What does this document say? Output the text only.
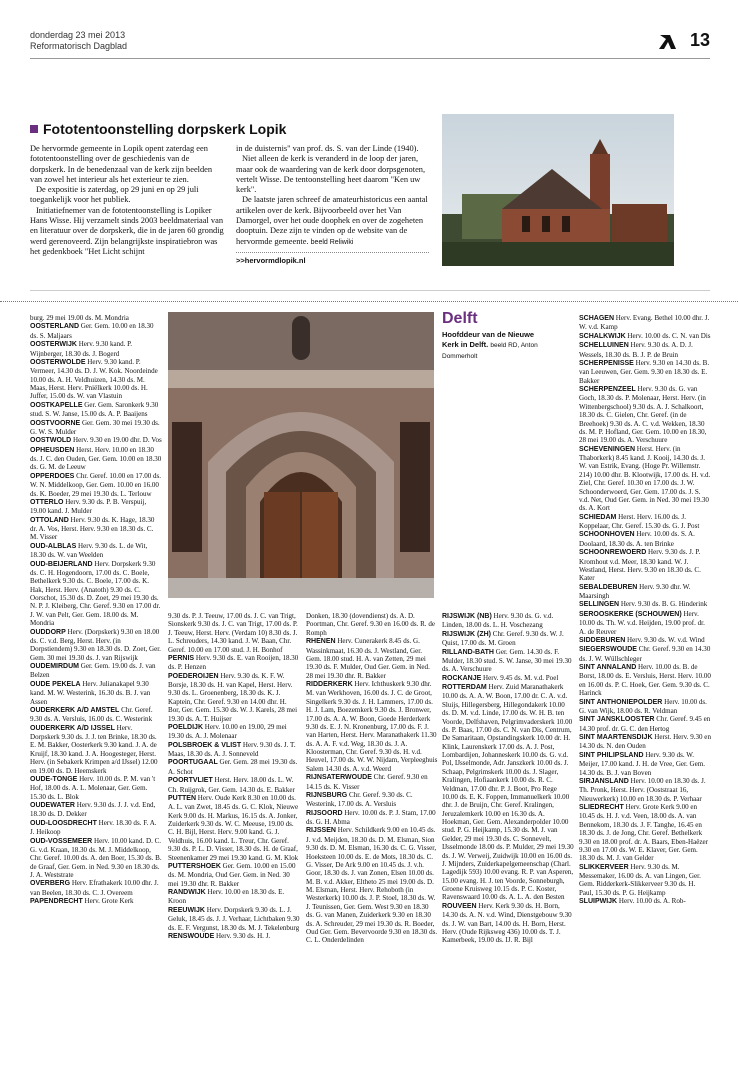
donderdag 23 mei 2013
Reformatorisch Dagblad	13
Fototentoonstelling dorpskerk Lopik

De hervormde gemeente in Lopik opent zaterdag een fototentoonstelling over de geschiedenis van de dorpskerk. In de benedenzaal van de kerk zijn beelden van zowel het interieur als het exterieur te zien.

De expositie is zaterdag, op 29 juni en op 29 juli toegankelijk voor het publiek.

Initiatiefnemer van de fototentoonstelling is Lopiker Hans Wisse. Hij verzamelt sinds 2003 beeldmateriaal van en literatuur over de dorpskerk, die in de jaren 60 grondig werd gerenoveerd. Zijn belangrijkste inspiratiebron was het gedenkboek "Het Licht schijnt

in de duisternis" van prof. ds. S. van der Linde (1940).

Niet alleen de kerk is veranderd in de loop der jaren, maar ook de waardering van de kerk door dorpsgenoten, vertelt Wisse. De tentoonstelling heet daarom "Ken uw kerk".

De laatste jaren schreef de amateurhistoricus een aantal artikelen over de kerk. Bijvoorbeeld over het Van Damorgel, over het oude doophek en over de zogeheten dooptuin. Deze zijn te vinden op de website van de hervormde gemeente. beeld Reliwiki

>>hervormdlopik.nl
Delft
Hoofddeur van de Nieuwe Kerk in Delft. beeld RD, Anton Dommerholt
burg. 29 mei 19.00 ds. M. Mondria
OOSTERLAND Ger. Gem. 10.00 en 18.30 ds. S. Maljaars
OOSTERWIJK Herv. 9.30 kand. P. Wijnberger, 18.30 ds. J. Bogerd
OOSTERWOLDE Herv. 9.30 kand. P. Vermeer, 14.30 ds. D. J. W. Kok. Noordeinde 10.00 ds. A. H. Veldhuizen, 14.30 ds. M. Maas, Herst. Herv. Pniëlkerk 10.00 ds. H. Juffer, 15.00 ds. W. van Vlastuin
OOSTKAPELLE Ger. Gem. Saronkerk 9.30 stud. S. W. Janse, 15.00 ds. A. P. Baaijens
OOSTVOORNE Ger. Gem. 30 mei 19.30 ds. G. W. S. Mulder
OOSTWOLD Herv. 9.30 en 19.00 dhr. D. Vos
OPHEUSDEN Herst. Herv. 10.00 en 18.30 ds. J. C. den Ouden, Ger. Gem. 10.00 en 18.30 ds. G. M. de Leeuw
OPPERDOES Chr. Geref. 10.00 en 17.00 ds. W. N. Middelkoop, Ger. Gem. 10.00 en 16.00 ds. K. Boeder, 29 mei 19.30 ds. L. Terlouw
OTTERLO Herv. 9.30 ds. P. B. Verspuij, 19.00 kand. J. Mulder
OTTOLAND Herv. 9.30 ds. K. Hage, 18.30 dr. A. Vos, Herst. Herv. 9.30 en 18.30 ds. C. M. Visser
OUD-ALBLAS Herv. 9.30 ds. L. de Wit, 18.30 ds. W. van Weelden
OUD-BEIJERLAND Herv. Dorpskerk 9.30 ds. C. H. Hogendoorn, 17.00 ds. C. Boele, Bethelkerk 9.30 ds. C. Boele, 17.00 ds. K. Hak, Herst. Herv. (Anatoth) 9.30 ds. C. Oorschot, 15.30 ds. D. Zoet, 29 mei 19.30 ds. N. P. J. Kleiberg, Chr. Geref. 9.30 en 17.00 dr. J. W. van Pelt, Ger. Gem. 18.00 ds. M. Mondria
OUDDORP Herv. (Dorpskerk) 9.30 en 18.00 ds. C. v.d. Berg, Herst. Herv. (in Dorpstiendem) 9.30 en 18.30 ds. D. Zoet, Ger. Gem. 30 mei 19.30 ds. J. van Rijswijk
OUDEMIRDUM Ger. Gem. 19.00 ds. J. van Belzen
OUDE PEKELA Herv. Julianakapel 9.30 kand. M. W. Westerink, 16.30 ds. B. J. van Assen
OUDERKERK A/D AMSTEL Chr. Geref. 9.30 ds. A. Versluis, 16.00 ds. C. Westerink
OUDERKERK A/D IJSSEL Herv. Dorpskerk 9.30 ds. J. J. ten Brinke, 18.30 ds. E. M. Bakker, Oosterkerk 9.30 kand. J. A. de Kruijf, 18.30 kand. J. A. Hoogesteger, Herst. Herv. (in Sebakerk Krimpen a/d IJssel) 12.00 en 19.00 ds. D. Heemskerk
OUDE-TONGE Herv. 10.00 ds. P. M. van 't Hof, 18.00 ds. A. L. Molenaar, Ger. Gem. 15.30 ds. L. Blok
OUDEWATER Herv. 9.30 ds. J. J. v.d. End, 18.30 ds. D. Dekker
OUD-LOOSDRECHT Herv. 18.30 ds. F. A. J. Heikoop
OUD-VOSSEMEER Herv. 10.00 kand. D. C. G. v.d. Kraan, 18.30 ds. M. J. Middelkoop, Chr. Geref. 10.00 ds. A. den Boer, 15.30 ds. B. de Graaf, Ger. Gem. in Ned. 9.30 en 18.30 ds. J. A. Weststrate
OVERBERG Herv. Efrathakerk 10.00 dhr. J. van Beelen, 18.30 ds. C. J. Overeem
PAPENDRECHT Herv. Grote Kerk
9.30 ds. P. J. Teeuw, 17.00 ds. J. C. van Trigt, Sionskerk 9.30 ds. J. C. van Trigt, 17.00 ds. P. J. Teeuw, Herst. Herv. (Verdam 10) 8.30 ds. J. L. Schreuders, 14.30 kand. J. W. Baan, Chr. Geref. 10.00 en 17.00 stud. J. H. Bonhof
PERNIS Herv. 9.30 ds. E. van Rooijen, 18.30 ds. P. Henzen
POEDEROIJEN Herv. 9.30 ds. K. F. W. Borsje, 18.30 ds. H. van Kapel, Herst. Herv. 9.30 ds. L. Groenenberg, 18.30 ds. K. J. Kaptein, Chr. Geref. 9.30 en 14.00 dhr. H. Bor, Ger. Gem. 15.30 ds. W. J. Karels, 28 mei 19.30 ds. A. T. Huijser
POELDIJK Herv. 10.00 en 19.00, 29 mei 19.30 ds. A. J. Molenaar
POLSBROEK & VLIST Herv. 9.30 ds. J. T. Maas, 18.30 ds. A. J. Sonneveld
POORTUGAAL Ger. Gem. 28 mei 19.30 ds. A. Schot
POORTVLIET Herst. Herv. 18.00 ds. L. W. Ch. Ruijgrok, Ger. Gem. 14.30 ds. E. Bakker
PUTTEN Herv. Oude Kerk 8.30 en 10.00 ds. A. L. van Zwet, 18.45 ds. G. C. Klok, Nieuwe Kerk 9.00 ds. H. Markus, 16.15 ds. A. Jonker, Zuiderkerk 9.30 ds. W. C. Meeuse, 19.00 ds. C. H. Bijl, Herst. Herv. 9.00 kand. G. J. Veldhuis, 16.00 kand. L. Treur, Chr. Geref. 9.30 ds. P. L. D. Visser, 18.30 ds. H. de Graaf, Steenenkamer 29 mei 19.30 kand. G. M. Klok
PUTTERSHOEK Ger. Gem. 10.00 en 15.00 ds. M. Mondria, Oud Ger. Gem. in Ned. 30 mei 19.30 dhr. R. Bakker
RANDWIJK Herv. 10.00 en 18.30 ds. E. Kroon
REEUWIJK Herv. Dorpskerk 9.30 ds. L. J. Geluk, 18.45 ds. J. J. Verhaar, Lichtbaken 9.30 ds. E. F. Vergunst, 18.30 ds. M. J. Tekelenburg
RENSWOUDE Herv. 9.30 ds. H. J.
Donken, 18.30 (dovendienst) ds. A. D. Poortman, Chr. Geref. 9.30 en 16.00 ds. R. de Romph
RHENEN Herv. Cunerakerk 8.45 ds. G. Wassinkmaat, 16.30 ds. J. Westland, Ger. Gem. 18.00 stud. H. A. van Zetten, 29 mei 19.30 ds. F. Mulder, Oud Ger. Gem. in Ned. 28 mei 19.30 dhr. R. Bakker
RIDDERKERK Herv. Ichthuskerk 9.30 dhr. M. van Werkhoven, 16.00 ds. J. C. de Groot, Singelkerk 9.30 ds. J. H. Lammers, 17.00 ds. H. J. Lam, Boezemkerk 9.30 ds. J. Bronwer, 17.00 ds. A. A. W. Boon, Goede Herderkerk 9.30 ds. E. J. N. Kronenburg, 17.00 ds. F. J. van Harten, Herst. Herv. Maranathakerk 11.30 ds. A. A. F. v.d. Weg, 18.30 ds. J. A. Kloosterman, Chr. Geref. 9.30 ds. H. v.d. Heuvel, 17.00 ds. W. W. Nijdam, Verpleeghuis Salem 14.30 ds. A. v.d. Weerd
RIJNSATERWOUDE Chr. Geref. 9.30 en 14.15 ds. K. Visser
RIJNSBURG Chr. Geref. 9.30 ds. C. Westerink, 17.00 ds. A. Versluis
RIJSOORD Herv. 10.00 ds. P. J. Stam, 17.00 ds. G. H. Abma
RIJSSEN Herv. Schildkerk 9.00 en 10.45 ds. J. v.d. Meijden, 18.30 ds. D. M. Elsman, Sion 9.30 ds. D. M. Elsman, 16.30 ds. C. G. Visser, Hoeksteen 10.00 ds. E. de Mots, 18.30 ds. C. G. Visser, De Ark 9.00 en 10.45 ds. J. v.h. Goor, 18.30 ds. J. van Zonen, Elsen 10.00 ds. M. B. v.d. Akker, Eltheto 25 mei 19.00 ds. D. M. Elsman, Herst. Herv. Rehoboth (in Westerkerk) 10.00 ds. J. P. Stoel, 18.30 ds. W. J. Teunissen, Ger. Gem. West 9.30 en 18.30 ds. G. van Manen, Zuiderkerk 9.30 en 18.30 ds. A. Schreuder, 29 mei 19.30 ds. R. Boeder, Oud Ger. Gem. Bevervoorde 9.30 en 18.30 ds. C. L. Onderdelinden
RIJSWIJK (NB) Herv. 9.30 ds. G. v.d. Linden, 18.00 ds. L. H. Voschezang
RIJSWIJK (ZH) Chr. Geref. 9.30 ds. W. J. Quist, 17.00 ds. M. Groen
RILLAND-BATH Ger. Gem. 14.30 ds. F. Mulder, 18.30 stud. S. W. Janse, 30 mei 19.30 ds. A. Verschuure
ROCKANJE Herv. 9.45 ds. M. v.d. Poel
ROTTERDAM Herv. Zuid Maranathakerk 10.00 ds. A. A. W. Boon, 17.00 dr. C. A. v.d. Sluijs, Hillegersberg, Hillegondakerk 10.00 ds. D. M. v.d. Linde, 17.00 ds. W. H. B. ten Voorde, Delfshaven, Pelgrimvaderskerk 10.00 ds. P. Baas, 17.00 ds. C. N. van Dis, Centrum, De Samaritaan, Opstandingskerk 10.00 dr. H. Klink, Laurenskerk 17.00 ds. A. J. Post, Lombardijen, Johanneskerk 10.00 ds. G. v.d. Pol, IJsselmonde, Adr. Janszkerk 10.00 ds. J. Schaap, Pelgrimskerk 10.00 ds. J. Slager, Kralingen, Hofiaankerk 10.00 ds. R. C. Veldman, 17.00 dhr. P. J. Boot, Pro Rege 10.00 ds. E. K. Foppen, Immanuelkerk 10.00 dhr. J. de Bruijn, Chr. Geref. Kralingen, Jeruzalemkerk 10.00 en 16.30 ds. A. Hoekman, Ger. Gem. Alexanderpolder 10.00 stud. P. G. Heijkamp, 15.30 ds. M. J. van Gelder, 29 mei 19.30 ds. C. Sonnevelt, IJsselmonde 18.00 ds. P. Mulder, 29 mei 19.30 ds. J. W. Verweij, Zuidwijk 10.00 en 16.00 ds. J. Mijnders, Zuiderkapelgemeenschap (Charl. Lagedijk 593) 10.00 evang. R. P. van Asperen, 15.00 evang. H. J. ten Voorde, Sonneburgh, Groene Kruisweg 10.15 ds. P. C. Koster, Ravenswaard 10.00 ds. A. L. A. den Besten
ROUVEEN Herv. Kerk 9.30 ds. H. Born, 14.30 ds. A. N. v.d. Wind, Dienstgebouw 9.30 ds. J. W. van Bart, 14.00 ds. H. Born, Herst. Herv. (Oude Rijksweg 436) 10.00 ds. T. J. Kamerbeek, 19.00 ds. IJ. R. Bijl
SCHAGEN Herv. Evang. Bethel 10.00 dhr. J. W. v.d. Kamp
SCHALKWIJK Herv. 10.00 ds. C. N. van Dis
SCHELLUINEN Herv. 9.30 ds. A. D. J. Wessels, 18.30 ds. B. J. P. de Bruin
SCHERPENISSE Herv. 9.30 en 14.30 ds. B. van Leeuwen, Ger. Gem. 9.30 en 18.30 ds. E. Bakker
SCHERPENZEEL Herv. 9.30 ds. G. van Goch, 18.30 ds. P. Molenaar, Herst. Herv. (in Wittenbergschool) 9.30 ds. A. J. Schalkoort, 18.30 ds. C. Gielen, Chr. Geref. (in de Breehoek) 9.30 ds. A. C. v.d. Wekken, 18.30 ds. M. P. Hofland, Ger. Gem. 10.00 en 18.30, 28 mei 19.00 ds. A. Verschuure
SCHEVENINGEN Herst. Herv. (in Thaborkerk) 8.45 kand. J. Kooij, 14.30 ds. J. W. van Estrik, Evang. (Hoge Pr. Willemstr. 214) 10.00 dhr. B. Klootwijk, 17.00 ds. H. v.d. Ziel, Chr. Geref. 10.30 en 17.00 ds. J. W. Schoonderwoerd, Ger. Gem. 17.00 ds. J. S. v.d. Net, Oud Ger. Gem. in Ned. 30 mei 19.30 ds. A. Kort
SCHIEDAM Herst. Herv. 16.00 ds. J. Koppelaar, Chr. Geref. 15.30 ds. G. J. Post
SCHOONHOVEN Herv. 10.00 ds. S. A. Doolaard, 18.30 ds. A. ten Brinke
SCHOONREWOERD Herv. 9.30 ds. J. P. Kromhout v.d. Meer, 18.30 kand. W. J. Westland, Herst. Herv. 9.30 en 18.30 ds. C. Kater
SEBALDEBUREN Herv. 9.30 dhr. W. Maarsingh
SELLINGEN Herv. 9.30 ds. B. G. Hinderink
SEROOSKERKE (SCHOUWEN) Herv. 10.00 ds. Th. W. v.d. Heijden, 19.00 prof. dr. A. de Reuver
SIDDEBUREN Herv. 9.30 ds. W. v.d. Wind
SIEGERSWOUDE Chr. Geref. 9.30 en 14.30 ds. J. W. Wüllschleger
SINT ANNALAND Herv. 10.00 ds. B. de Borst, 18.00 ds. E. Versluis, Herst. Herv. 10.00 en 16.00 ds. P. C. Hoek, Ger. Gem. 9.30 ds. C. Harinck
SINT ANTHONIEPOLDER Herv. 10.00 ds. G. van Wijk, 18.00 ds. R. Veldman
SINT JANSKLOOSTER Chr. Geref. 9.45 en 14.30 prof. dr. G. C. den Hertog
SINT MAARTENSDIJK Herst. Herv. 9.30 en 14.30 ds. N. den Ouden
SINT PHILIPSLAND Herv. 9.30 ds. W. Meijer, 17.00 kand. J. H. de Vree, Ger. Gem. 14.30 ds. B. J. van Boven
SIRJANSLAND Herv. 10.00 en 18.30 ds. J. Th. Pronk, Herst. Herv. (Ooststraat 16, Nieuwerkerk) 10.00 en 18.30 ds. P. Verhaar
SLIEDRECHT Herv. Grote Kerk 9.00 en 10.45 ds. H. J. v.d. Veen, 18.00 ds. A. van Bennekom, 18.30 ds. J. F. Tanghe, 16.45 en 18.30 ds. J. de Jong, Chr. Geref. Bethelkerk 9.30 en 18.00 prof. dr. A. Baars, Eben-Haëzer 9.30 en 17.00 ds. W. E. Klaver, Ger. Gem. 18.30 ds. M. J. van Gelder
SLIKKERVEER Herv. 9.30 ds. M. Messemaker, 16.00 ds. A. van Lingen, Ger. Gem. Ridderkerk-Slikkerveer 9.30 ds. H. Paul, 15.30 ds. P. G. Heijkamp
SLUIPWIJK Herv. 10.00 ds. A. Rob-
